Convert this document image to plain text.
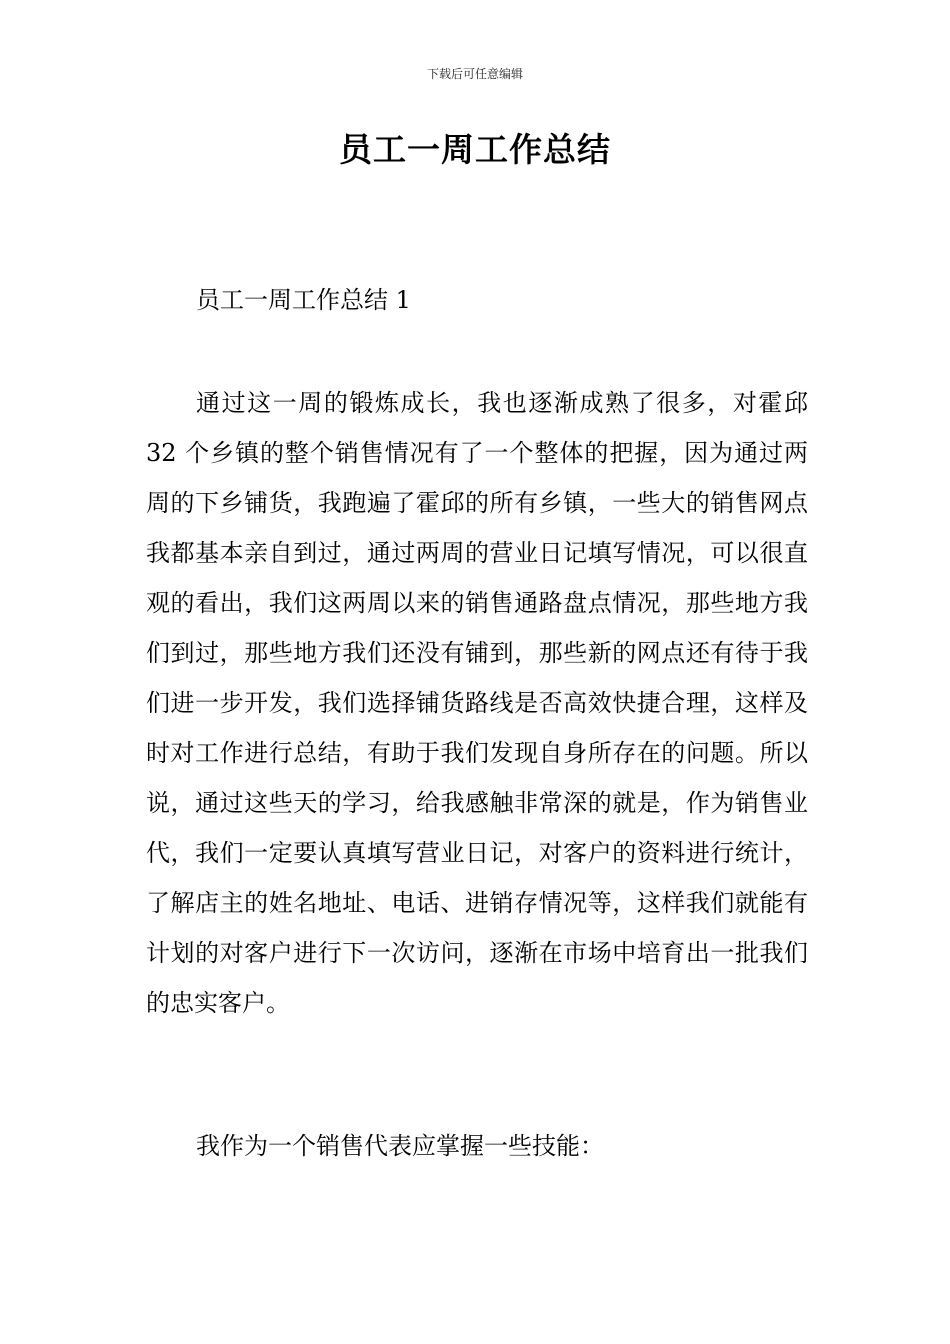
下载后可任意编辑
员工一周工作总结
员工一周工作总结 1

通过这一周的锻炼成长，我也逐渐成熟了很多，对霍邱 32 个乡镇的整个销售情况有了一个整体的把握，因为通过两周的下乡铺货，我跑遍了霍邱的所有乡镇，一些大的销售网点我都基本亲自到过，通过两周的营业日记填写情况，可以很直观的看出，我们这两周以来的销售通路盘点情况，那些地方我们到过，那些地方我们还没有铺到，那些新的网点还有待于我们进一步开发，我们选择铺货路线是否高效快捷合理，这样及时对工作进行总结，有助于我们发现自身所存在的问题。所以说，通过这些天的学习，给我感触非常深的就是，作为销售业代，我们一定要认真填写营业日记，对客户的资料进行统计，了解店主的姓名地址、电话、进销存情况等，这样我们就能有计划的对客户进行下一次访问，逐渐在市场中培育出一批我们的忠实客户。

我作为一个销售代表应掌握一些技能：
